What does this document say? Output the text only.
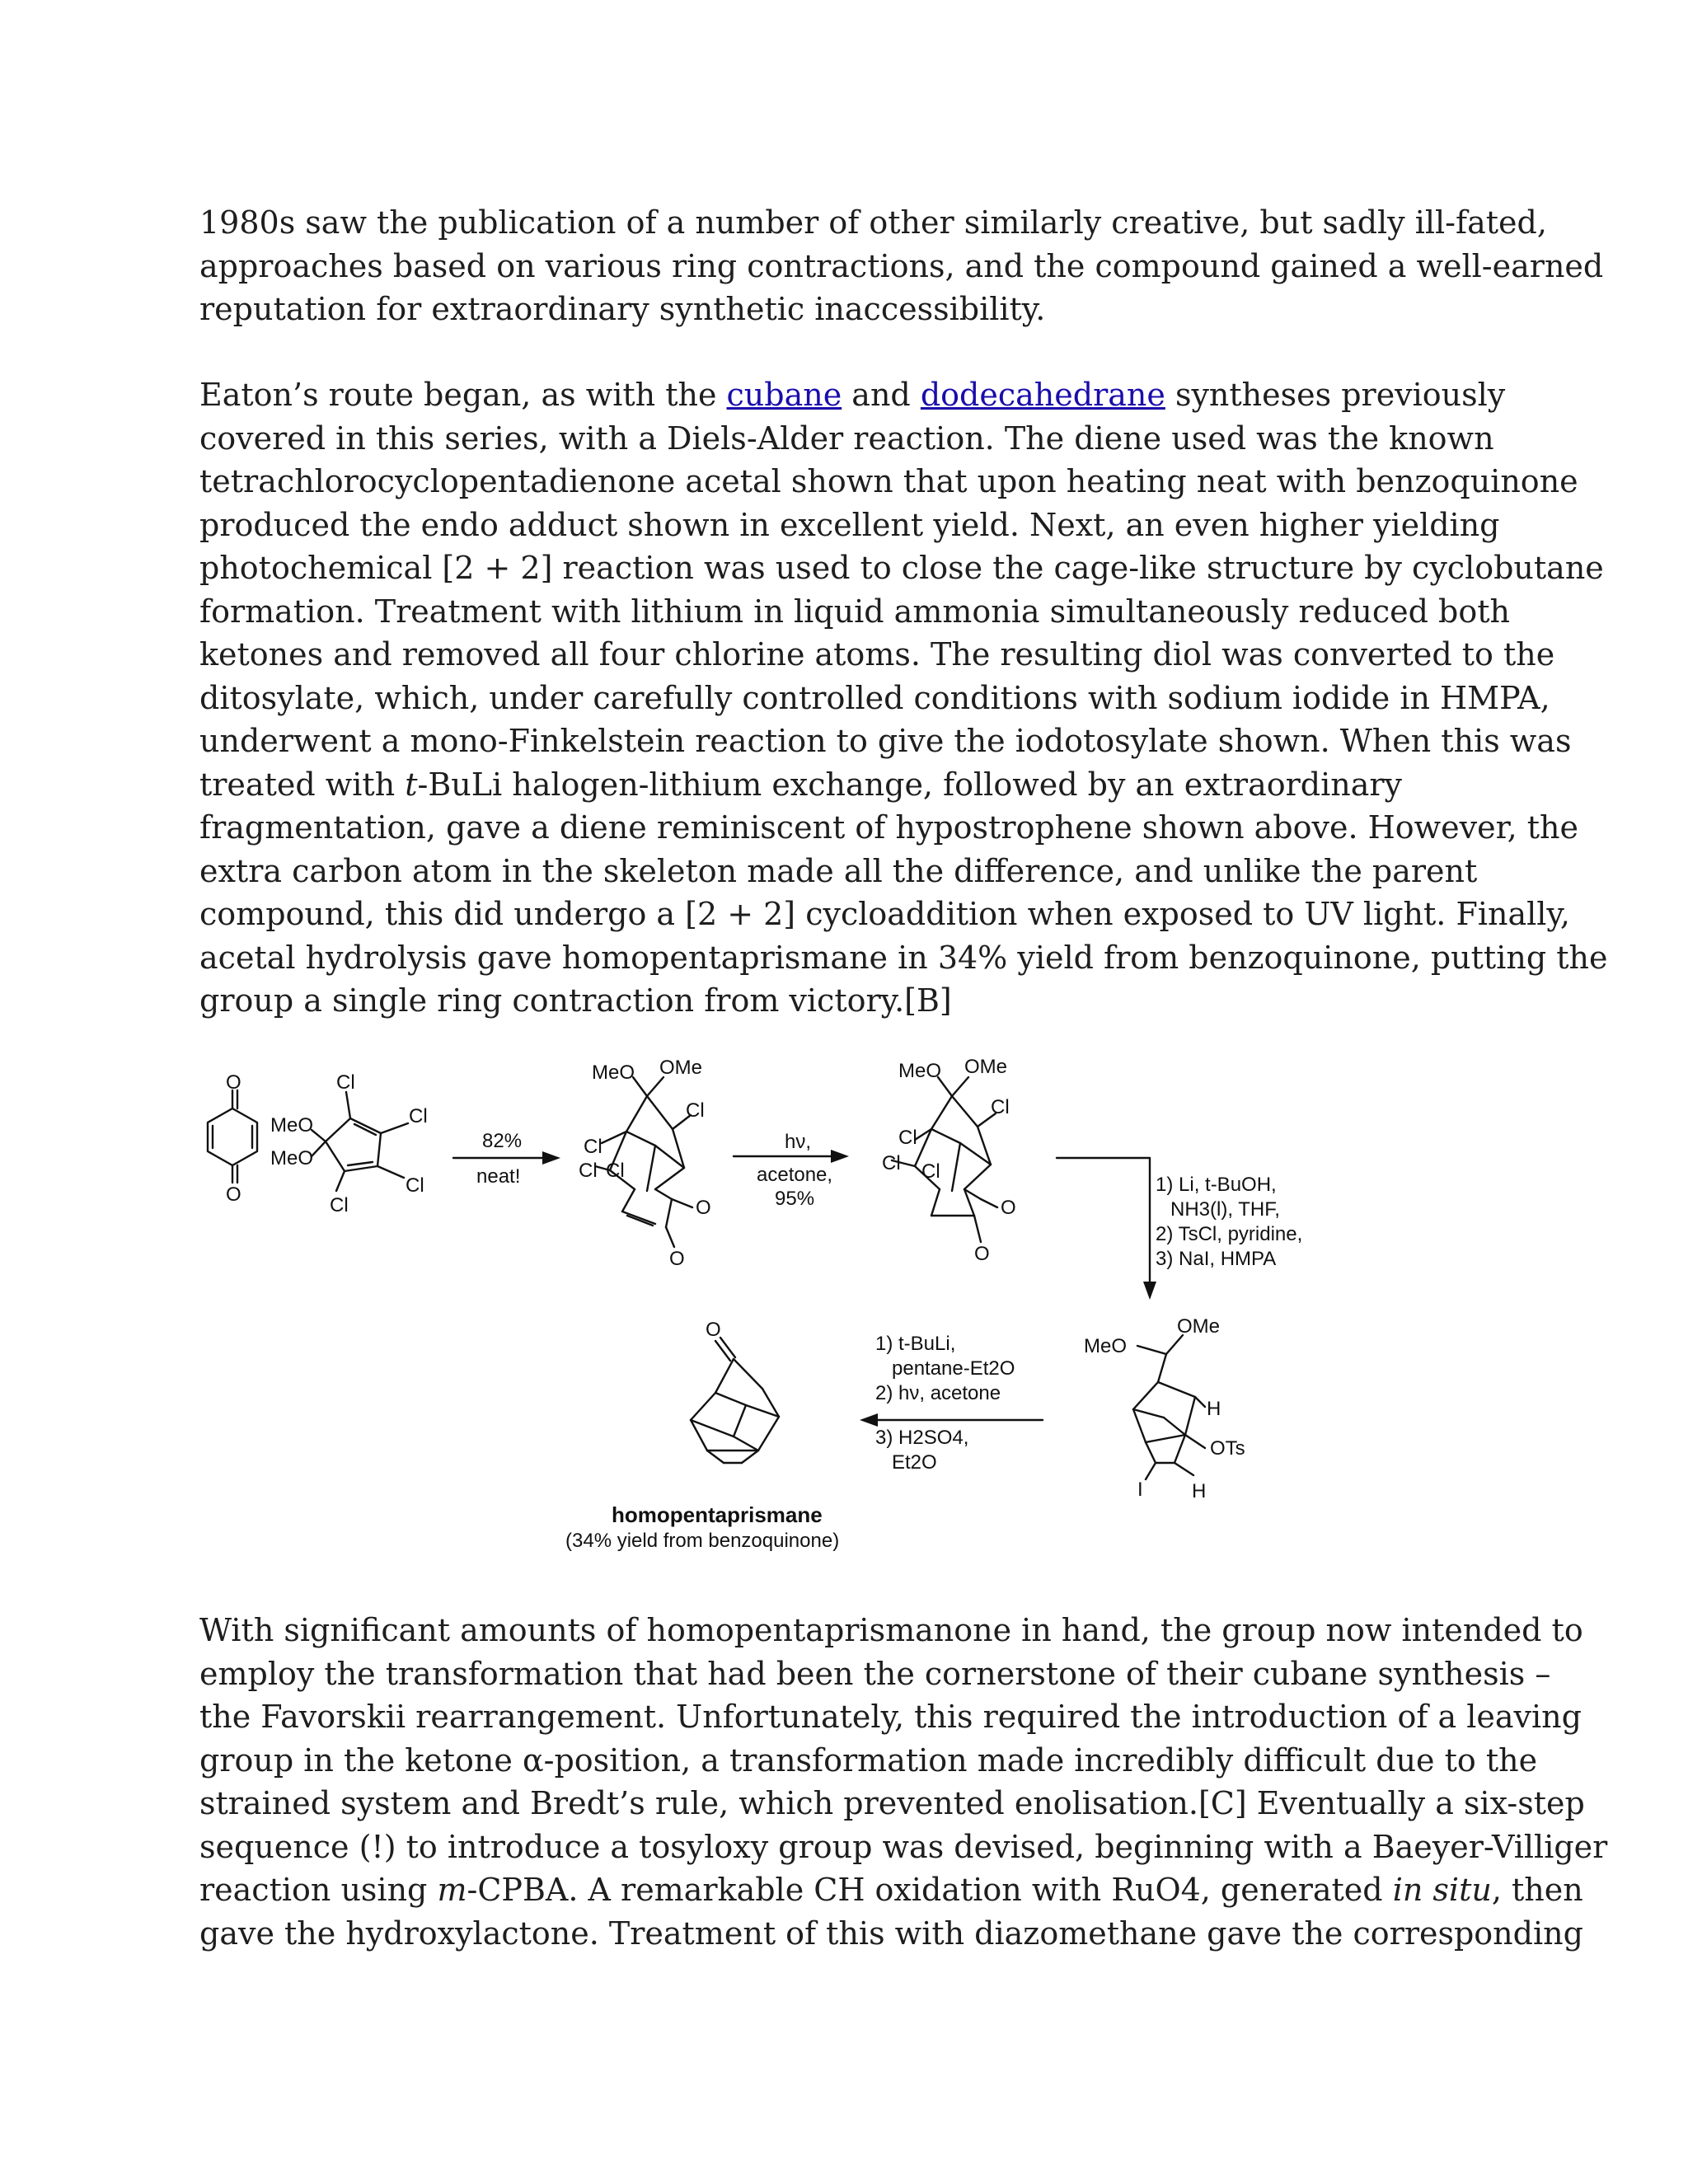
1980s saw the publication of a number of other similarly creative, but sadly ill-fated,
approaches based on various ring contractions, and the compound gained a well-earned
reputation for extraordinary synthetic inaccessibility.

Eaton’s route began, as with the cubane and dodecahedrane syntheses previously
covered in this series, with a Diels-Alder reaction. The diene used was the known
tetrachlorocyclopentadienone acetal shown that upon heating neat with benzoquinone
produced the endo adduct shown in excellent yield. Next, an even higher yielding
photochemical [2 + 2] reaction was used to close the cage-like structure by cyclobutane
formation. Treatment with lithium in liquid ammonia simultaneously reduced both
ketones and removed all four chlorine atoms. The resulting diol was converted to the
ditosylate, which, under carefully controlled conditions with sodium iodide in HMPA,
underwent a mono-Finkelstein reaction to give the iodotosylate shown. When this was
treated with t-BuLi halogen-lithium exchange, followed by an extraordinary
fragmentation, gave a diene reminiscent of hypostrophene shown above. However, the
extra carbon atom in the skeleton made all the difference, and unlike the parent
compound, this did undergo a [2 + 2] cycloaddition when exposed to UV light. Finally,
acetal hydrolysis gave homopentaprismane in 34% yield from benzoquinone, putting the
group a single ring contraction from victory.[B]

O
O
Cl
Cl
Cl
Cl
MeO
MeO
82%
neat!
MeO OMe
Cl
Cl
Cl Cl
O
O
hν,
acetone,
95%
MeO OMe
Cl
Cl
Cl Cl
O
O
1) Li, t-BuOH,
NH3(l), THF,
2) TsCl, pyridine,
3) NaI, HMPA
MeO
OMe
H
OTs
I H
1) t-BuLi,
pentane-Et2O
2) hν, acetone
3) H2SO4,
Et2O
O
homopentaprismane
(34% yield from benzoquinone)

With significant amounts of homopentaprismanone in hand, the group now intended to
employ the transformation that had been the cornerstone of their cubane synthesis –
the Favorskii rearrangement. Unfortunately, this required the introduction of a leaving
group in the ketone α-position, a transformation made incredibly difficult due to the
strained system and Bredt’s rule, which prevented enolisation.[C] Eventually a six-step
sequence (!) to introduce a tosyloxy group was devised, beginning with a Baeyer-Villiger
reaction using m-CPBA. A remarkable CH oxidation with RuO4, generated in situ, then
gave the hydroxylactone. Treatment of this with diazomethane gave the corresponding
